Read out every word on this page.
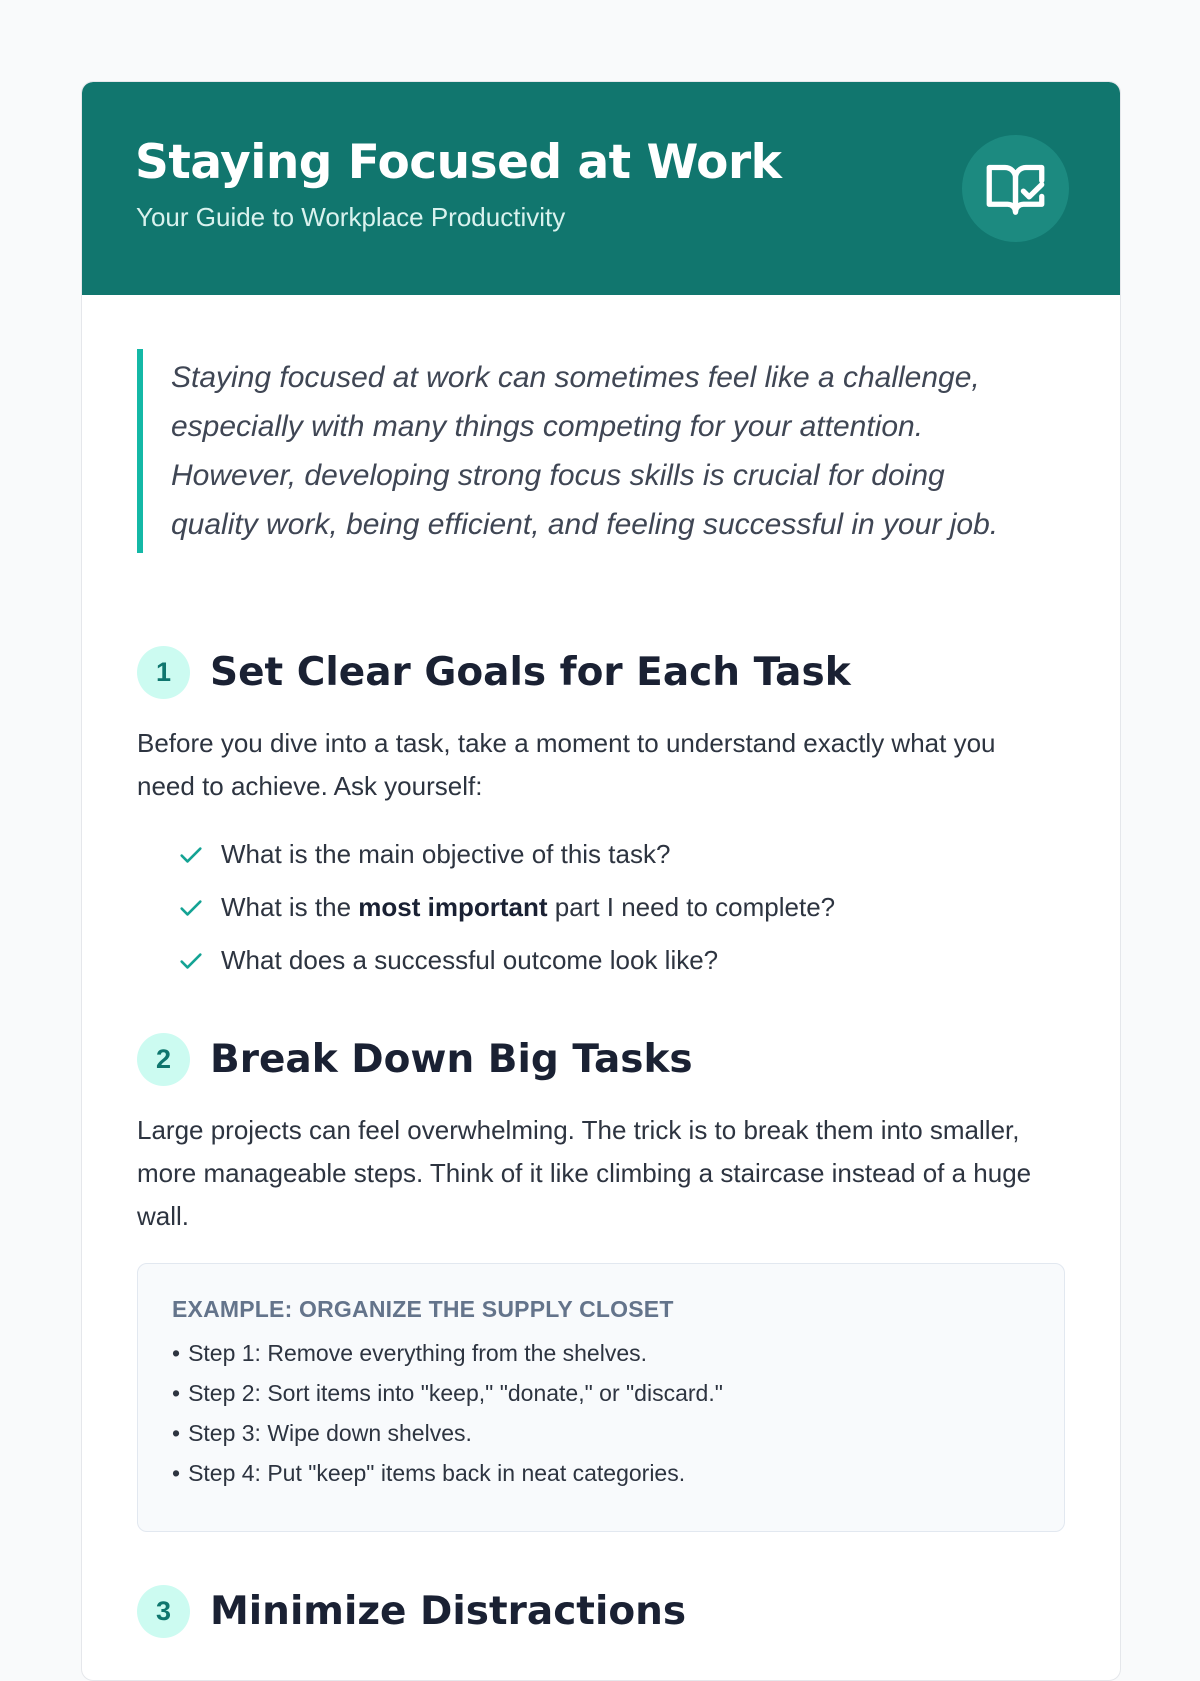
Staying Focused at Work

Your Guide to Workplace Productivity

Staying focused at work can sometimes feel like a challenge, especially with many things competing for your attention. However, developing strong focus skills is crucial for doing quality work, being efficient, and feeling successful in your job.
1 Set Clear Goals for Each Task

Before you dive into a task, take a moment to understand exactly what you need to achieve. Ask yourself:

What is the main objective of this task?
What is the most important part I need to complete?
What does a successful outcome look like?
2 Break Down Big Tasks

Large projects can feel overwhelming. The trick is to break them into smaller, more manageable steps. Think of it like climbing a staircase instead of a huge wall.

EXAMPLE: ORGANIZE THE SUPPLY CLOSET

• Step 1: Remove everything from the shelves.
• Step 2: Sort items into "keep," "donate," or "discard."
• Step 3: Wipe down shelves.
• Step 4: Put "keep" items back in neat categories.
3 Minimize Distractions
